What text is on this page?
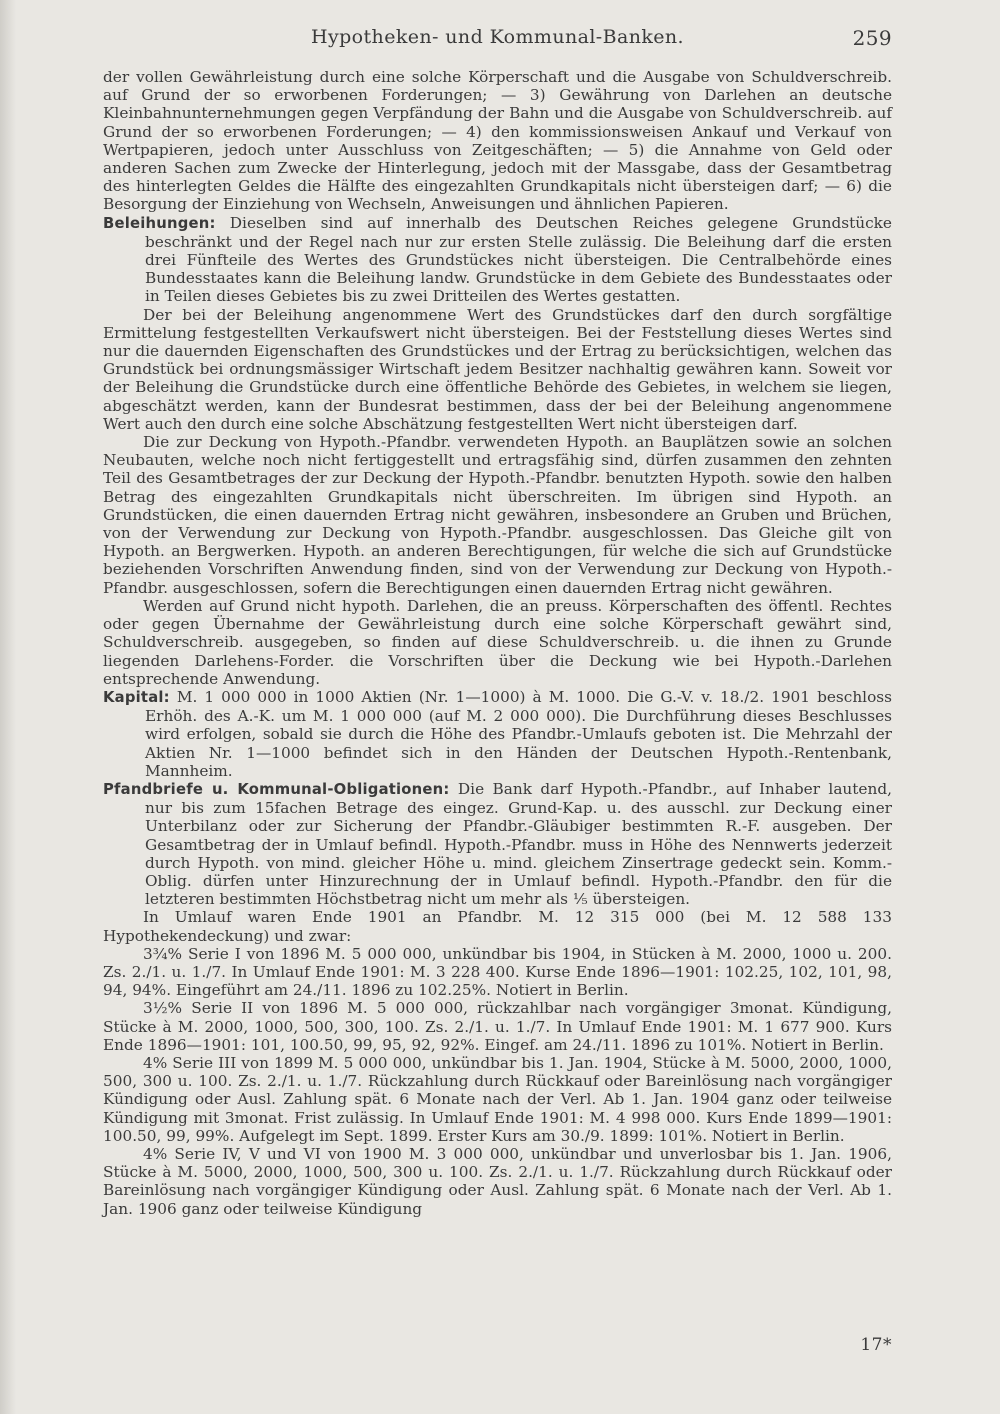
Hypotheken- und Kommunal-Banken.	259

der vollen Gewährleistung durch eine solche Körperschaft und die Ausgabe von Schuldverschreib. auf Grund der so erworbenen Forderungen; — 3) Gewährung von Darlehen an deutsche Kleinbahnunternehmungen gegen Verpfändung der Bahn und die Ausgabe von Schuldverschreib. auf Grund der so erworbenen Forderungen; — 4) den kommissionsweisen Ankauf und Verkauf von Wertpapieren, jedoch unter Ausschluss von Zeitgeschäften; — 5) die Annahme von Geld oder anderen Sachen zum Zwecke der Hinterlegung, jedoch mit der Massgabe, dass der Gesamtbetrag des hinterlegten Geldes die Hälfte des eingezahlten Grundkapitals nicht übersteigen darf; — 6) die Besorgung der Einziehung von Wechseln, Anweisungen und ähnlichen Papieren.

Beleihungen: Dieselben sind auf innerhalb des Deutschen Reiches gelegene Grundstücke beschränkt und der Regel nach nur zur ersten Stelle zulässig. Die Beleihung darf die ersten drei Fünfteile des Wertes des Grundstückes nicht übersteigen. Die Centralbehörde eines Bundesstaates kann die Beleihung landw. Grundstücke in dem Gebiete des Bundesstaates oder in Teilen dieses Gebietes bis zu zwei Dritteilen des Wertes gestatten.

Der bei der Beleihung angenommene Wert des Grundstückes darf den durch sorgfältige Ermittelung festgestellten Verkaufswert nicht übersteigen. Bei der Feststellung dieses Wertes sind nur die dauernden Eigenschaften des Grundstückes und der Ertrag zu berücksichtigen, welchen das Grundstück bei ordnungsmässiger Wirtschaft jedem Besitzer nachhaltig gewähren kann. Soweit vor der Beleihung die Grundstücke durch eine öffentliche Behörde des Gebietes, in welchem sie liegen, abgeschätzt werden, kann der Bundesrat bestimmen, dass der bei der Beleihung angenommene Wert auch den durch eine solche Abschätzung festgestellten Wert nicht übersteigen darf.

Die zur Deckung von Hypoth.-Pfandbr. verwendeten Hypoth. an Bauplätzen sowie an solchen Neubauten, welche noch nicht fertiggestellt und ertragsfähig sind, dürfen zusammen den zehnten Teil des Gesamtbetrages der zur Deckung der Hypoth.-Pfandbr. benutzten Hypoth. sowie den halben Betrag des eingezahlten Grundkapitals nicht überschreiten. Im übrigen sind Hypoth. an Grundstücken, die einen dauernden Ertrag nicht gewähren, insbesondere an Gruben und Brüchen, von der Verwendung zur Deckung von Hypoth.-Pfandbr. ausgeschlossen. Das Gleiche gilt von Hypoth. an Bergwerken. Hypoth. an anderen Berechtigungen, für welche die sich auf Grundstücke beziehenden Vorschriften Anwendung finden, sind von der Verwendung zur Deckung von Hypoth.-Pfandbr. ausgeschlossen, sofern die Berechtigungen einen dauernden Ertrag nicht gewähren.

Werden auf Grund nicht hypoth. Darlehen, die an preuss. Körperschaften des öffentl. Rechtes oder gegen Übernahme der Gewährleistung durch eine solche Körperschaft gewährt sind, Schuldverschreib. ausgegeben, so finden auf diese Schuldverschreib. u. die ihnen zu Grunde liegenden Darlehens-Forder. die Vorschriften über die Deckung wie bei Hypoth.-Darlehen entsprechende Anwendung.

Kapital: M. 1 000 000 in 1000 Aktien (Nr. 1—1000) à M. 1000. Die G.-V. v. 18./2. 1901 beschloss Erhöh. des A.-K. um M. 1 000 000 (auf M. 2 000 000). Die Durchführung dieses Beschlusses wird erfolgen, sobald sie durch die Höhe des Pfandbr.-Umlaufs geboten ist. Die Mehrzahl der Aktien Nr. 1—1000 befindet sich in den Händen der Deutschen Hypoth.-Rentenbank, Mannheim.

Pfandbriefe u. Kommunal-Obligationen: Die Bank darf Hypoth.-Pfandbr., auf Inhaber lautend, nur bis zum 15fachen Betrage des eingez. Grund-Kap. u. des ausschl. zur Deckung einer Unterbilanz oder zur Sicherung der Pfandbr.-Gläubiger bestimmten R.-F. ausgeben. Der Gesamtbetrag der in Umlauf befindl. Hypoth.-Pfandbr. muss in Höhe des Nennwerts jederzeit durch Hypoth. von mind. gleicher Höhe u. mind. gleichem Zinsertrage gedeckt sein. Komm.-Oblig. dürfen unter Hinzurechnung der in Umlauf befindl. Hypoth.-Pfandbr. den für die letzteren bestimmten Höchstbetrag nicht um mehr als ⅕ übersteigen.

In Umlauf waren Ende 1901 an Pfandbr. M. 12 315 000 (bei M. 12 588 133 Hypothekendeckung) und zwar:

3¾% Serie I von 1896 M. 5 000 000, unkündbar bis 1904, in Stücken à M. 2000, 1000 u. 200. Zs. 2./1. u. 1./7. In Umlauf Ende 1901: M. 3 228 400. Kurse Ende 1896—1901: 102.25, 102, 101, 98, 94, 94%. Eingeführt am 24./11. 1896 zu 102.25%. Notiert in Berlin.

3½% Serie II von 1896 M. 5 000 000, rückzahlbar nach vorgängiger 3monat. Kündigung, Stücke à M. 2000, 1000, 500, 300, 100. Zs. 2./1. u. 1./7. In Umlauf Ende 1901: M. 1 677 900. Kurs Ende 1896—1901: 101, 100.50, 99, 95, 92, 92%. Eingef. am 24./11. 1896 zu 101%. Notiert in Berlin.

4% Serie III von 1899 M. 5 000 000, unkündbar bis 1. Jan. 1904, Stücke à M. 5000, 2000, 1000, 500, 300 u. 100. Zs. 2./1. u. 1./7. Rückzahlung durch Rückkauf oder Bareinlösung nach vorgängiger Kündigung oder Ausl. Zahlung spät. 6 Monate nach der Verl. Ab 1. Jan. 1904 ganz oder teilweise Kündigung mit 3monat. Frist zulässig. In Umlauf Ende 1901: M. 4 998 000. Kurs Ende 1899—1901: 100.50, 99, 99%. Aufgelegt im Sept. 1899. Erster Kurs am 30./9. 1899: 101%. Notiert in Berlin.

4% Serie IV, V und VI von 1900 M. 3 000 000, unkündbar und unverlosbar bis 1. Jan. 1906, Stücke à M. 5000, 2000, 1000, 500, 300 u. 100. Zs. 2./1. u. 1./7. Rückzahlung durch Rückkauf oder Bareinlösung nach vorgängiger Kündigung oder Ausl. Zahlung spät. 6 Monate nach der Verl. Ab 1. Jan. 1906 ganz oder teilweise Kündigung

17*
